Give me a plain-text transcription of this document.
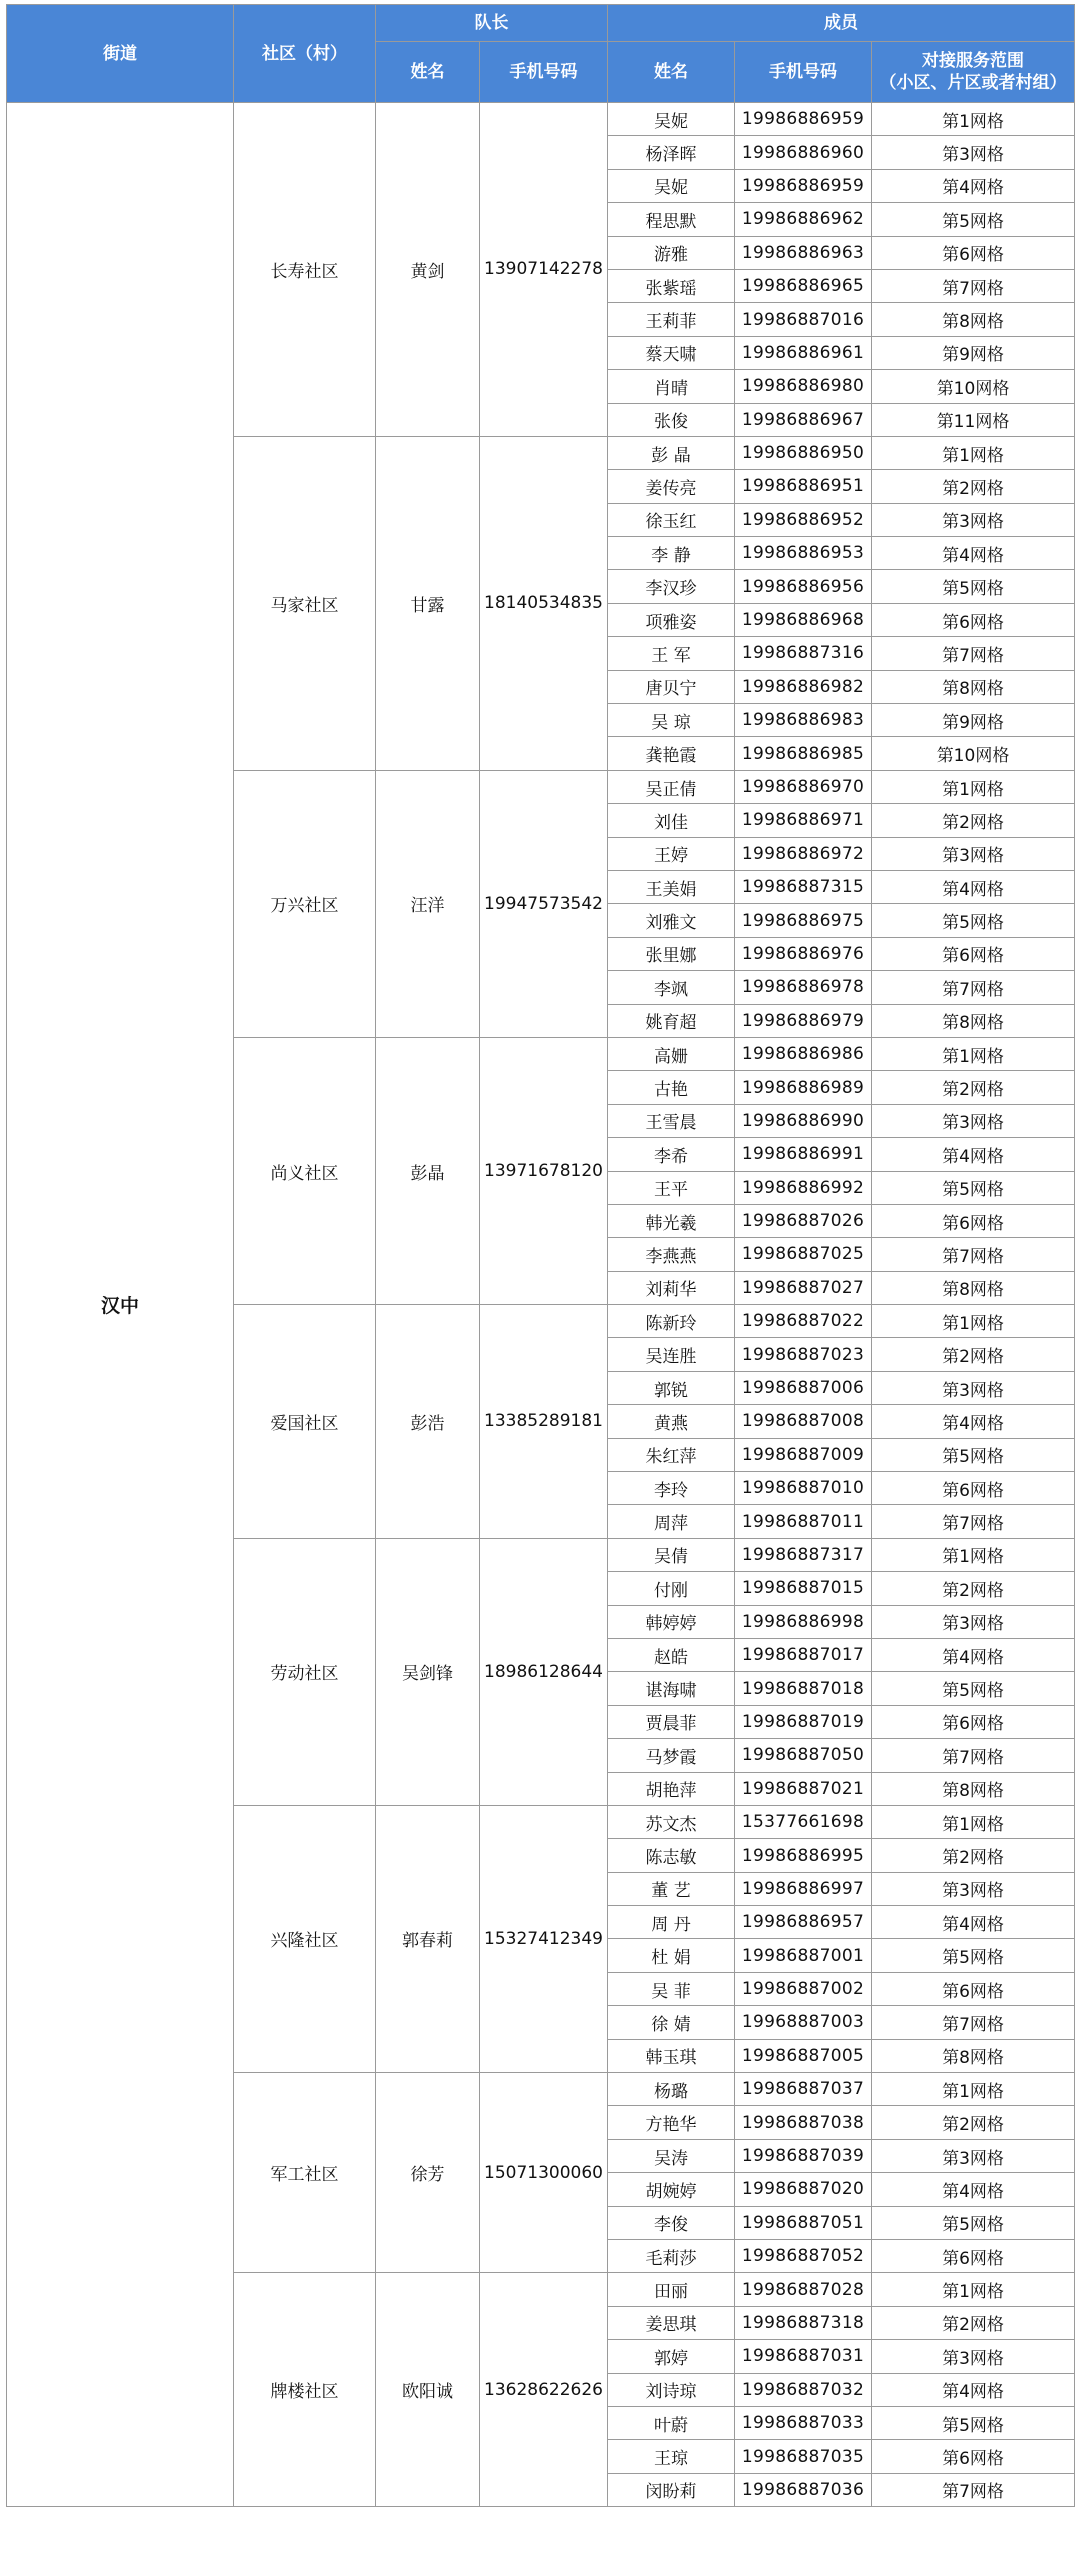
街道	社区（村）	队长		成员		
		姓名	手机号码	姓名	手机号码	对接服务范围
（小区、片区或者村组）

汉中	长寿社区	黄剑	13907142278	吴妮	19986886959	第1网格
				杨泽晖	19986886960	第3网格
				吴妮	19986886959	第4网格
				程思默	19986886962	第5网格
				游雅	19986886963	第6网格
				张紫瑶	19986886965	第7网格
				王莉菲	19986887016	第8网格
				蔡天啸	19986886961	第9网格
				肖晴	19986886980	第10网格
				张俊	19986886967	第11网格
	马家社区	甘露	18140534835	彭 晶	19986886950	第1网格
				姜传亮	19986886951	第2网格
				徐玉红	19986886952	第3网格
				李 静	19986886953	第4网格
				李汉珍	19986886956	第5网格
				项雅姿	19986886968	第6网格
				王 军	19986887316	第7网格
				唐贝宁	19986886982	第8网格
				吴 琼	19986886983	第9网格
				龚艳霞	19986886985	第10网格
	万兴社区	汪洋	19947573542	吴正倩	19986886970	第1网格
				刘佳	19986886971	第2网格
				王婷	19986886972	第3网格
				王美娟	19986887315	第4网格
				刘雅文	19986886975	第5网格
				张里娜	19986886976	第6网格
				李飒	19986886978	第7网格
				姚育超	19986886979	第8网格
	尚义社区	彭晶	13971678120	高姗	19986886986	第1网格
				古艳	19986886989	第2网格
				王雪晨	19986886990	第3网格
				李希	19986886991	第4网格
				王平	19986886992	第5网格
				韩光羲	19986887026	第6网格
				李燕燕	19986887025	第7网格
				刘莉华	19986887027	第8网格
	爱国社区	彭浩	13385289181	陈新玲	19986887022	第1网格
				吴连胜	19986887023	第2网格
				郭锐	19986887006	第3网格
				黄燕	19986887008	第4网格
				朱红萍	19986887009	第5网格
				李玲	19986887010	第6网格
				周萍	19986887011	第7网格
	劳动社区	吴剑锋	18986128644	吴倩	19986887317	第1网格
				付刚	19986887015	第2网格
				韩婷婷	19986886998	第3网格
				赵皓	19986887017	第4网格
				谌海啸	19986887018	第5网格
				贾晨菲	19986887019	第6网格
				马梦霞	19986887050	第7网格
				胡艳萍	19986887021	第8网格
	兴隆社区	郭春莉	15327412349	苏文杰	15377661698	第1网格
				陈志敏	19986886995	第2网格
				董 艺	19986886997	第3网格
				周 丹	19986886957	第4网格
				杜 娟	19986887001	第5网格
				吴 菲	19986887002	第6网格
				徐 婧	19968887003	第7网格
				韩玉琪	19986887005	第8网格
	军工社区	徐芳	15071300060	杨璐	19986887037	第1网格
				方艳华	19986887038	第2网格
				吴涛	19986887039	第3网格
				胡婉婷	19986887020	第4网格
				李俊	19986887051	第5网格
				毛莉莎	19986887052	第6网格
	牌楼社区	欧阳诚	13628622626	田丽	19986887028	第1网格
				姜思琪	19986887318	第2网格
				郭婷	19986887031	第3网格
				刘诗琼	19986887032	第4网格
				叶蔚	19986887033	第5网格
				王琼	19986887035	第6网格
				闵盼莉	19986887036	第7网格
